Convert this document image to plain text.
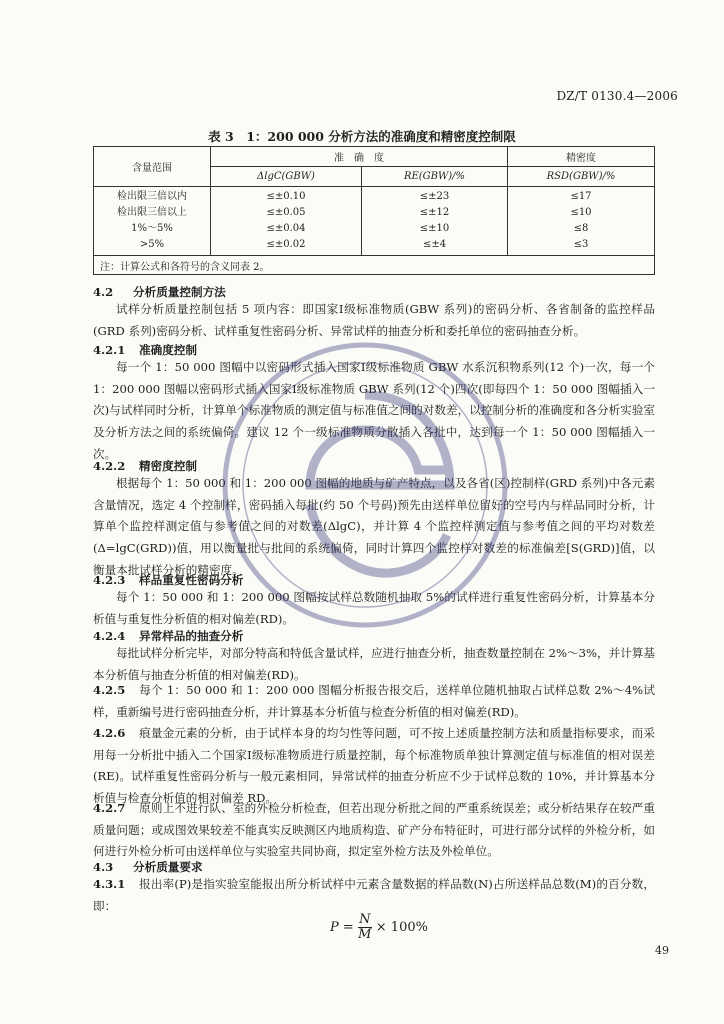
DZ/T 0130.4—2006
表 3　1：200 000 分析方法的准确度和精密度控制限
含量范围	准　确　度		精密度
	ΔlgC(GBW)	RE(GBW)/%	RSD(GBW)/%
检出限三倍以内	≤±0.10	≤±23	≤17
检出限三倍以上	≤±0.05	≤±12	≤10
1%～5%	≤±0.04	≤±10	≤8
>5%	≤±0.02	≤±4	≤3
注：计算公式和各符号的含义同表 2。			
4.2 分析质量控制方法

试样分析质量控制包括 5 项内容：即国家Ⅰ级标准物质(GBW 系列)的密码分析、各省制备的监控样品(GRD 系列)密码分析、试样重复性密码分析、异常试样的抽查分析和委托单位的密码抽查分析。

4.2.1 准确度控制

每一个 1：50 000 图幅中以密码形式插入国家Ⅰ级标准物质 GBW 水系沉积物系列(12 个)一次，每一个 1：200 000 图幅以密码形式插入国家Ⅰ级标准物质 GBW 系列(12 个)四次(即每四个 1：50 000 图幅插入一次)与试样同时分析，计算单个标准物质的测定值与标准值之间的对数差，以控制分析的准确度和各分析实验室及分析方法之间的系统偏倚。建议 12 个一级标准物质分散插入各批中，达到每一个 1：50 000 图幅插入一次。

4.2.2 精密度控制

根据每个 1：50 000 和 1：200 000 图幅的地质与矿产特点，以及各省(区)控制样(GRD 系列)中各元素含量情况，选定 4 个控制样，密码插入每批(约 50 个号码)预先由送样单位留好的空号内与样品同时分析，计算单个监控样测定值与参考值之间的对数差(ΔlgC)，并计算 4 个监控样测定值与参考值之间的平均对数差(Δ=lgC(GRD))值，用以衡量批与批间的系统偏倚，同时计算四个监控样对数差的标准偏差[S(GRD)]值，以衡量本批试样分析的精密度。

4.2.3 样品重复性密码分析

每个 1：50 000 和 1：200 000 图幅按试样总数随机抽取 5%的试样进行重复性密码分析，计算基本分析值与重复性分析值的相对偏差(RD)。

4.2.4 异常样品的抽查分析

每批试样分析完毕，对部分特高和特低含量试样，应进行抽查分析，抽查数量控制在 2%～3%，并计算基本分析值与抽查分析值的相对偏差(RD)。

4.2.5 每个 1：50 000 和 1：200 000 图幅分析报告报交后，送样单位随机抽取占试样总数 2%～4%试样，重新编号进行密码抽查分析，并计算基本分析值与检查分析值的相对偏差(RD)。

4.2.6 痕量金元素的分析，由于试样本身的均匀性等问题，可不按上述质量控制方法和质量指标要求，而采用每一分析批中插入二个国家Ⅰ级标准物质进行质量控制，每个标准物质单独计算测定值与标准值的相对误差(RE)。试样重复性密码分析与一般元素相同，异常试样的抽查分析应不少于试样总数的 10%，并计算基本分析值与检查分析值的相对偏差 RD。

4.2.7 原则上不进行队、室的外检分析检查，但若出现分析批之间的严重系统误差；或分析结果存在较严重质量问题；或成图效果较差不能真实反映测区内地质构造、矿产分布特征时，可进行部分试样的外检分析，如何进行外检分析可由送样单位与实验室共同协商，拟定室外检方法及外检单位。

4.3 分析质量要求

4.3.1 报出率(P)是指实验室能报出所分析试样中元素含量数据的样品数(N)占所送样品总数(M)的百分数，即：

$P = \frac{N}{M} \times 100\%$
49
